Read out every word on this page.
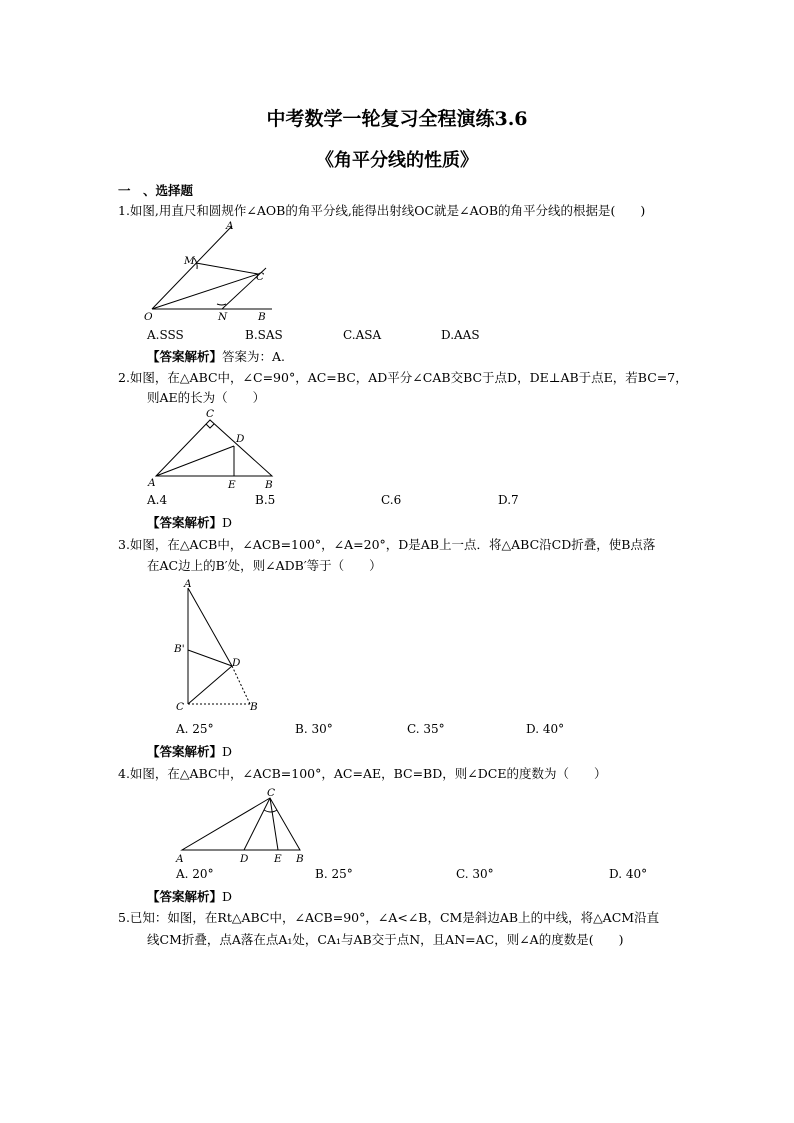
中考数学一轮复习全程演练3.6
《角平分线的性质》
一　、选择题
1.如图,用直尺和圆规作∠AOB的角平分线,能得出射线OC就是∠AOB的角平分线的根据是(　　)
A
M
C
O	N	B
A.SSS	B.SAS	C.ASA	D.AAS
【答案解析】答案为：A.
2.如图，在△ABC中，∠C=90°，AC=BC，AD平分∠CAB交BC于点D，DE⊥AB于点E，若BC=7，
则AE的长为（　　）
C
D
A	E	B
A.4	B.5	C.6	D.7
【答案解析】D
3.如图，在△ACB中，∠ACB=100°，∠A=20°，D是AB上一点．将△ABC沿CD折叠，使B点落
在AC边上的B′处，则∠ADB′等于（　　）
A
B'
D
C	B
A. 25°	B. 30°	C. 35°	D. 40°
【答案解析】D
4.如图，在△ABC中，∠ACB=100°，AC=AE，BC=BD，则∠DCE的度数为（　　）
C
A	D E B
A. 20°	B. 25°	C. 30°	D. 40°
【答案解析】D
5.已知：如图，在Rt△ABC中，∠ACB=90°，∠A<∠B，CM是斜边AB上的中线，将△ACM沿直
线CM折叠，点A落在点A₁处，CA₁与AB交于点N，且AN=AC，则∠A的度数是(　　)
